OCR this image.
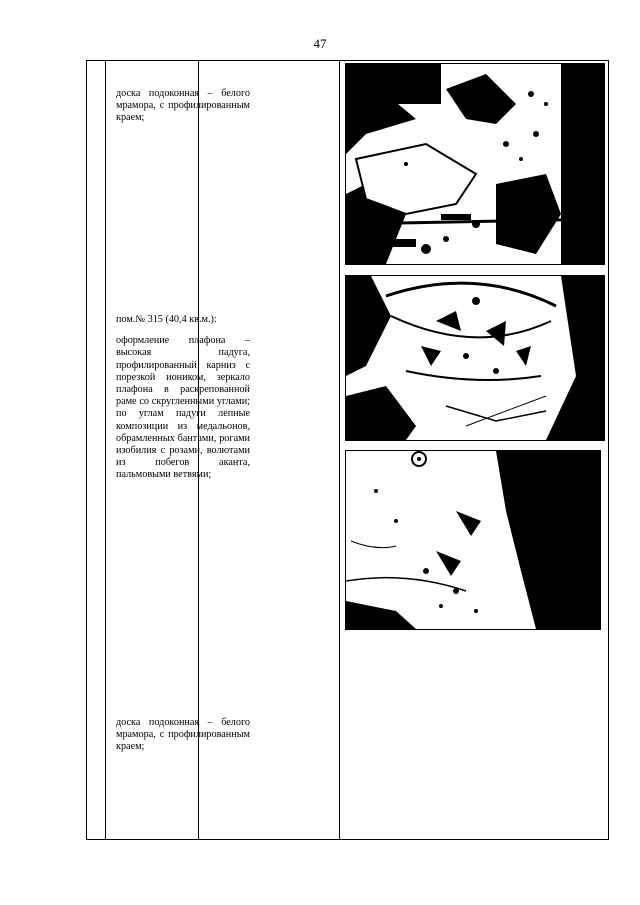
47

доска подоконная – белого мрамора, с профилированным краем;

пом.№ 315 (40,4 кв.м.):

оформление плафона – высокая падуга, профилированный карниз с порезкой иоником, зеркало плафона в раскрепованной раме со скругленными углами; по углам падуги лепные композиции из медальонов, обрамленных бантами, рогами изобилия с розами, волютами из побегов аканта, пальмовыми ветвями;

доска подоконная – белого мрамора, с профилированным краем;
